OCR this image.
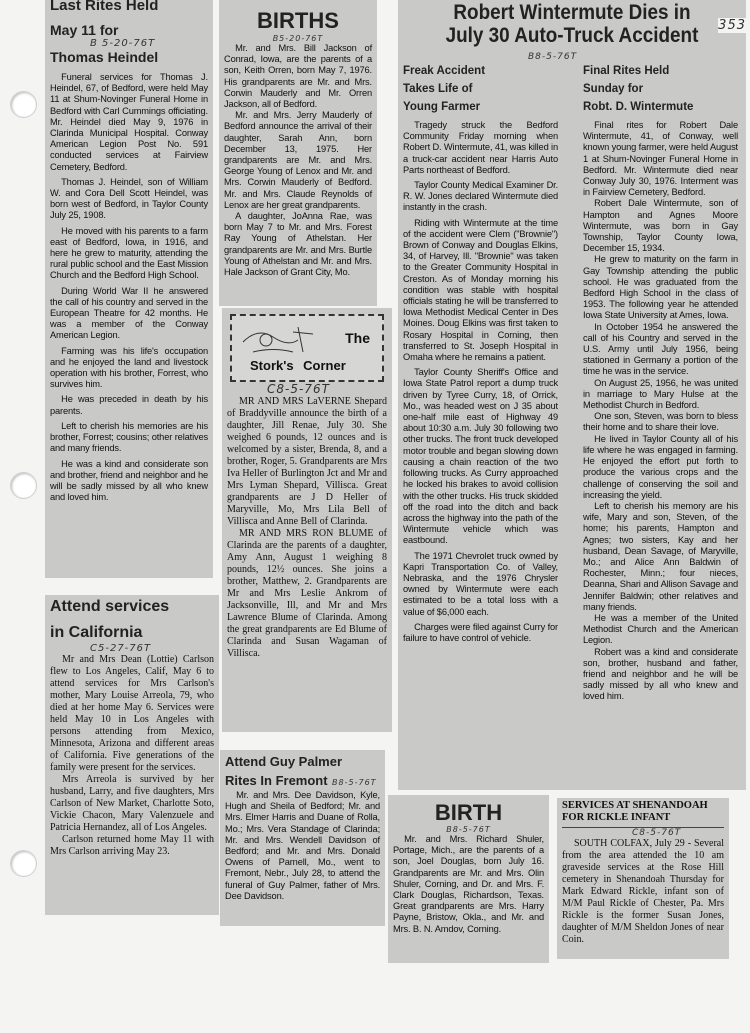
Last Rites Held
May 11 for
B 5-20-76T
Thomas Heindel

Funeral services for Thomas J. Heindel, 67, of Bedford, were held May 11 at Shum-Novinger Funeral Home in Bedford with Carl Cummings officiating. Mr. Heindel died May 9, 1976 in Clarinda Municipal Hospital. Conway American Legion Post No. 591 conducted services at Fairview Cemetery, Bedford.

Thomas J. Heindel, son of William W. and Cora Dell Scott Heindel, was born west of Bedford, in Taylor County July 25, 1908.

He moved with his parents to a farm east of Bedford, Iowa, in 1916, and here he grew to maturity, attending the rural public school and the East Mission Church and the Bedford High School.

During World War II he answered the call of his country and served in the European Theatre for 42 months. He was a member of the Conway American Legion.

Farming was his life's occupation and he enjoyed the land and livestock operation with his brother, Forrest, who survives him.

He was preceded in death by his parents.

Left to cherish his memories are his brother, Forrest; cousins; other relatives and many friends.

He was a kind and considerate son and brother, friend and neighbor and he will be sadly missed by all who knew and loved him.

Attend services
in California
C5-27-76T

Mr and Mrs Dean (Lottie) Carlson flew to Los Angeles, Calif, May 6 to attend services for Mrs Carlson's mother, Mary Louise Arreola, 79, who died at her home May 6. Services were held May 10 in Los Angeles with persons attending from Mexico, Minnesota, Arizona and different areas of California. Five generations of the family were present for the services.

Mrs Arreola is survived by her husband, Larry, and five daughters, Mrs Carlson of New Market, Charlotte Soto, Vickie Chacon, Mary Valenzuele and Patricia Hernandez, all of Los Angeles.

Carlson returned home May 11 with Mrs Carlson arriving May 23.

BIRTHS
B5-20-76T

Mr. and Mrs. Bill Jackson of Conrad, Iowa, are the parents of a son, Keith Orren, born May 7, 1976. His grandparents are Mr. and Mrs. Corwin Mauderly and Mr. Orren Jackson, all of Bedford.

Mr. and Mrs. Jerry Mauderly of Bedford announce the arrival of their daughter, Sarah Ann, born December 13, 1975. Her grandparents are Mr. and Mrs. George Young of Lenox and Mr. and Mrs. Corwin Mauderly of Bedford. Mr. and Mrs. Claude Reynolds of Lenox are her great grandparents.

A daughter, JoAnna Rae, was born May 7 to Mr. and Mrs. Forest Ray Young of Athelstan. Her grandparents are Mr. and Mrs. Burtle Young of Athelstan and Mr. and Mrs. Hale Jackson of Grant City, Mo.

The
Stork's Corner
C8-5-76T

MR AND MRS LaVERNE Shepard of Braddyville announce the birth of a daughter, Jill Renae, July 30. She weighed 6 pounds, 12 ounces and is welcomed by a sister, Brenda, 8, and a brother, Roger, 5. Grandparents are Mrs Iva Heller of Burlington Jct and Mr and Mrs Lyman Shepard, Villisca. Great grandparents are J D Heller of Maryville, Mo, Mrs Lila Bell of Villisca and Anne Bell of Clarinda.

MR AND MRS RON BLUME of Clarinda are the parents of a daughter, Amy Ann, August 1 weighing 8 pounds, 12½ ounces. She joins a brother, Matthew, 2. Grandparents are Mr and Mrs Leslie Ankrom of Jacksonville, Ill, and Mr and Mrs Lawrence Blume of Clarinda. Among the great grandparents are Ed Blume of Clarinda and Susan Wagaman of Villisca.

Attend Guy Palmer
Rites In Fremont B8-5-76T

Mr. and Mrs. Dee Davidson, Kyle, Hugh and Sheila of Bedford; Mr. and Mrs. Elmer Harris and Duane of Rolla, Mo.; Mrs. Vera Standage of Clarinda; Mr. and Mrs. Wendell Davidson of Bedford; and Mr. and Mrs. Donald Owens of Parnell, Mo., went to Fremont, Nebr., July 28, to attend the funeral of Guy Palmer, father of Mrs. Dee Davidson.

Robert Wintermute Dies in
July 30 Auto-Truck Accident
B8-5-76T
353
Freak Accident
Takes Life of
Young Farmer

Tragedy struck the Bedford Community Friday morning when Robert D. Wintermute, 41, was killed in a truck-car accident near Harris Auto Parts northeast of Bedford.

Taylor County Medical Examiner Dr. R. W. Jones declared Wintermute died instantly in the crash.

Riding with Wintermute at the time of the accident were Clem ("Brownie") Brown of Conway and Douglas Elkins, 34, of Harvey, Ill. "Brownie" was taken to the Greater Community Hospital in Creston. As of Monday morning his condition was stable with hospital officials stating he will be transferred to Iowa Methodist Medical Center in Des Moines. Doug Elkins was first taken to Rosary Hospital in Corning, then transferred to St. Joseph Hospital in Omaha where he remains a patient.

Taylor County Sheriff's Office and Iowa State Patrol report a dump truck driven by Tyree Curry, 18, of Orrick, Mo., was headed west on J 35 about one-half mile east of Highway 49 about 10:30 a.m. July 30 following two other trucks. The front truck developed motor trouble and began slowing down causing a chain reaction of the two following trucks. As Curry approached he locked his brakes to avoid collision with the other trucks. His truck skidded off the road into the ditch and back across the highway into the path of the Wintermute vehicle which was eastbound.

The 1971 Chevrolet truck owned by Kapri Transportation Co. of Valley, Nebraska, and the 1976 Chrysler owned by Wintermute were each estimated to be a total loss with a value of $6,000 each.

Charges were filed against Curry for failure to have control of vehicle.

Final Rites Held
Sunday for
Robt. D. Wintermute

Final rites for Robert Dale Wintermute, 41, of Conway, well known young farmer, were held August 1 at Shum-Novinger Funeral Home in Bedford. Mr. Wintermute died near Conway July 30, 1976. Interment was in Fairview Cemetery, Bedford.

Robert Dale Wintermute, son of Hampton and Agnes Moore Wintermute, was born in Gay Township, Taylor County Iowa, December 15, 1934.

He grew to maturity on the farm in Gay Township attending the public school. He was graduated from the Bedford High School in the class of 1953. The following year he attended Iowa State University at Ames, Iowa.

In October 1954 he answered the call of his Country and served in the U.S. Army until July 1956, being stationed in Germany a portion of the time he was in the service.

On August 25, 1956, he was united in marriage to Mary Hulse at the Methodist Church in Bedford.

One son, Steven, was born to bless their home and to share their love.

He lived in Taylor County all of his life where he was engaged in farming. He enjoyed the effort put forth to produce the various crops and the challenge of conserving the soil and increasing the yield.

Left to cherish his memory are his wife, Mary and son, Steven, of the home; his parents, Hampton and Agnes; two sisters, Kay and her husband, Dean Savage, of Maryville, Mo.; and Alice Ann Baldwin of Rochester, Minn.; four nieces, Deanna, Shari and Allison Savage and Jennifer Baldwin; other relatives and many friends.

He was a member of the United Methodist Church and the American Legion.

Robert was a kind and considerate son, brother, husband and father, friend and neighbor and he will be sadly missed by all who knew and loved him.

BIRTH
B8-5-76T

Mr. and Mrs. Richard Shuler, Portage, Mich., are the parents of a son, Joel Douglas, born July 16. Grandparents are Mr. and Mrs. Olin Shuler, Corning, and Dr. and Mrs. F. Clark Douglas, Richardson, Texas. Great grandparents are Mrs. Harry Payne, Bristow, Okla., and Mr. and Mrs. B. N. Amdov, Corning.

SERVICES AT SHENANDOAH
FOR RICKLE INFANT
C8-5-76T

SOUTH COLFAX, July 29 - Several from the area attended the 10 am graveside services at the Rose Hill cemetery in Shenandoah Thursday for Mark Edward Rickle, infant son of M/M Paul Rickle of Chester, Pa. Mrs Rickle is the former Susan Jones, daughter of M/M Sheldon Jones of near Coin.
